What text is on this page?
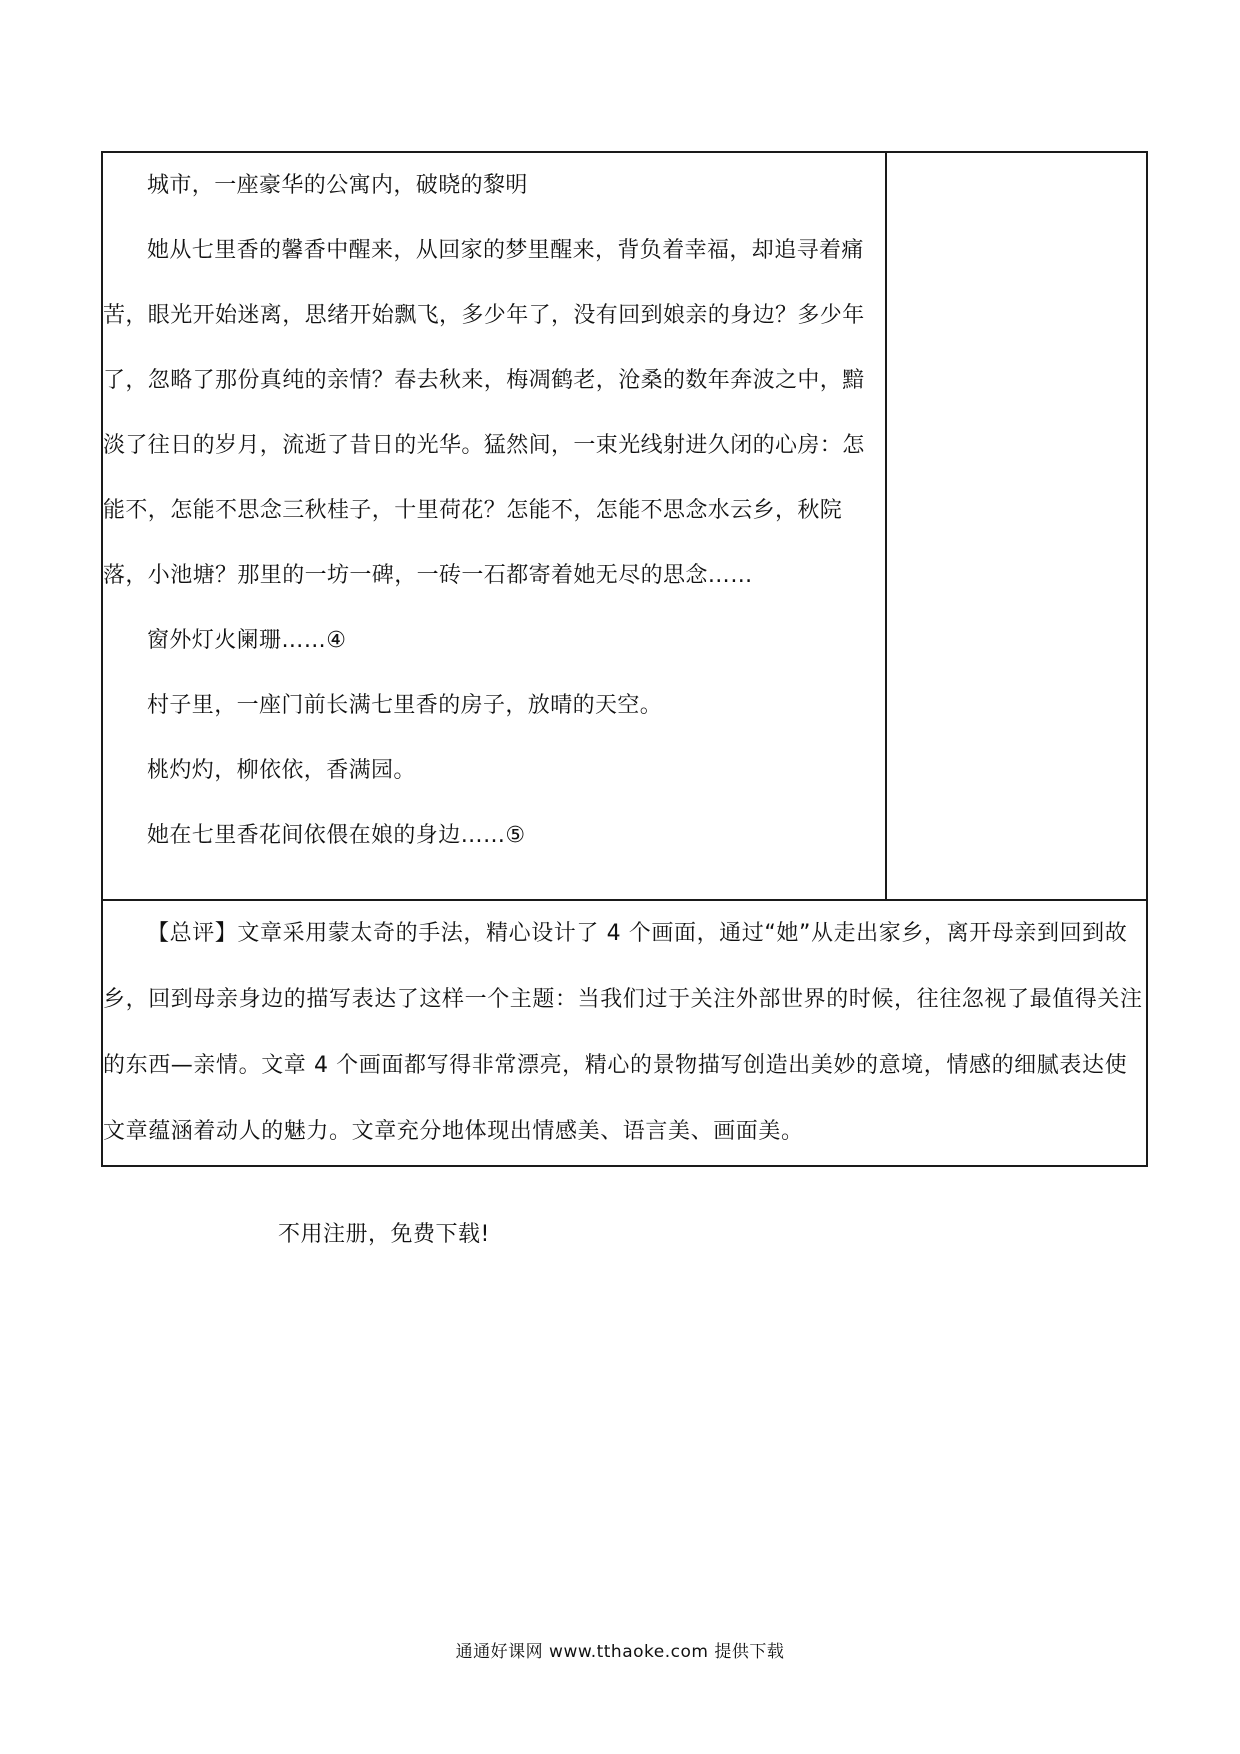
城市，一座豪华的公寓内，破晓的黎明

她从七里香的馨香中醒来，从回家的梦里醒来，背负着幸福，却追寻着痛苦，眼光开始迷离，思绪开始飘飞，多少年了，没有回到娘亲的身边？多少年了，忽略了那份真纯的亲情？春去秋来，梅凋鹤老，沧桑的数年奔波之中，黯淡了往日的岁月，流逝了昔日的光华。猛然间，一束光线射进久闭的心房：怎能不，怎能不思念三秋桂子，十里荷花？怎能不，怎能不思念水云乡，秋院落，小池塘？那里的一坊一碑，一砖一石都寄着她无尽的思念……

窗外灯火阑珊……④

村子里，一座门前长满七里香的房子，放晴的天空。

桃灼灼，柳依依，香满园。

她在七里香花间依偎在娘的身边……⑤

【总评】文章采用蒙太奇的手法，精心设计了 4 个画面，通过“她”从走出家乡，离开母亲到回到故乡，回到母亲身边的描写表达了这样一个主题：当我们过于关注外部世界的时候，往往忽视了最值得关注的东西—亲情。文章 4 个画面都写得非常漂亮，精心的景物描写创造出美妙的意境，情感的细腻表达使文章蕴涵着动人的魅力。文章充分地体现出情感美、语言美、画面美。

不用注册，免费下载!
通通好课网 www.tthaoke.com 提供下载
